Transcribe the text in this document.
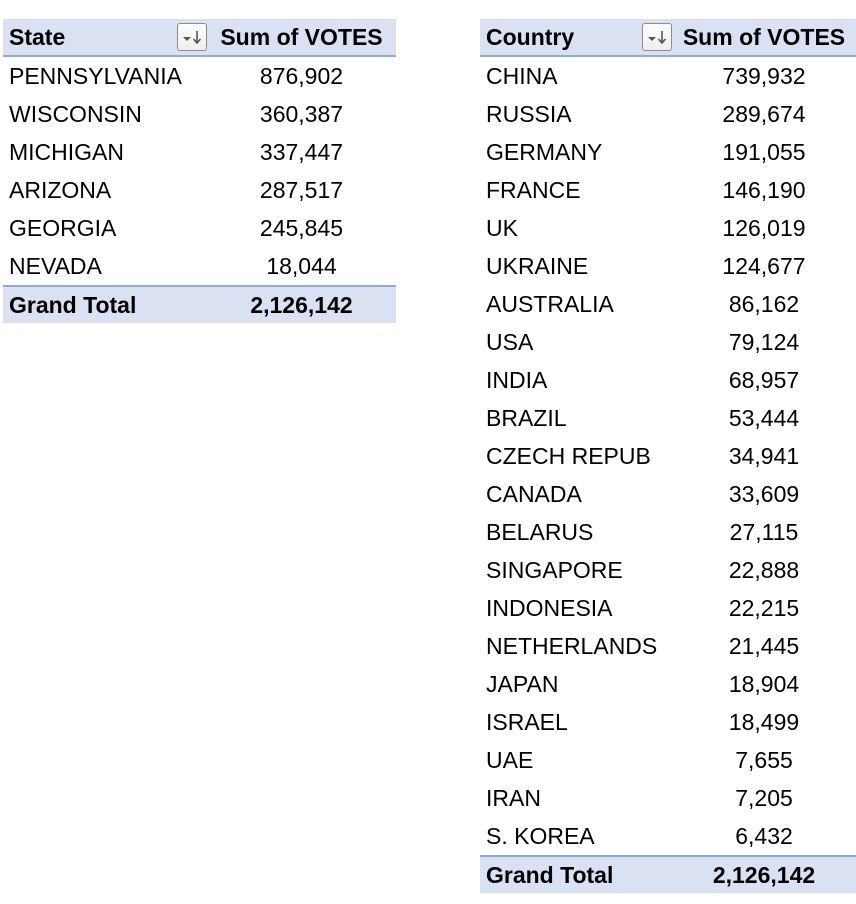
State	Sum of VOTES
PENNSYLVANIA	876,902
WISCONSIN	360,387
MICHIGAN	337,447
ARIZONA	287,517
GEORGIA	245,845
NEVADA	18,044
Grand Total	2,126,142
Country	Sum of VOTES
CHINA	739,932
RUSSIA	289,674
GERMANY	191,055
FRANCE	146,190
UK	126,019
UKRAINE	124,677
AUSTRALIA	86,162
USA	79,124
INDIA	68,957
BRAZIL	53,444
CZECH REPUB	34,941
CANADA	33,609
BELARUS	27,115
SINGAPORE	22,888
INDONESIA	22,215
NETHERLANDS	21,445
JAPAN	18,904
ISRAEL	18,499
UAE	7,655
IRAN	7,205
S. KOREA	6,432
Grand Total	2,126,142
